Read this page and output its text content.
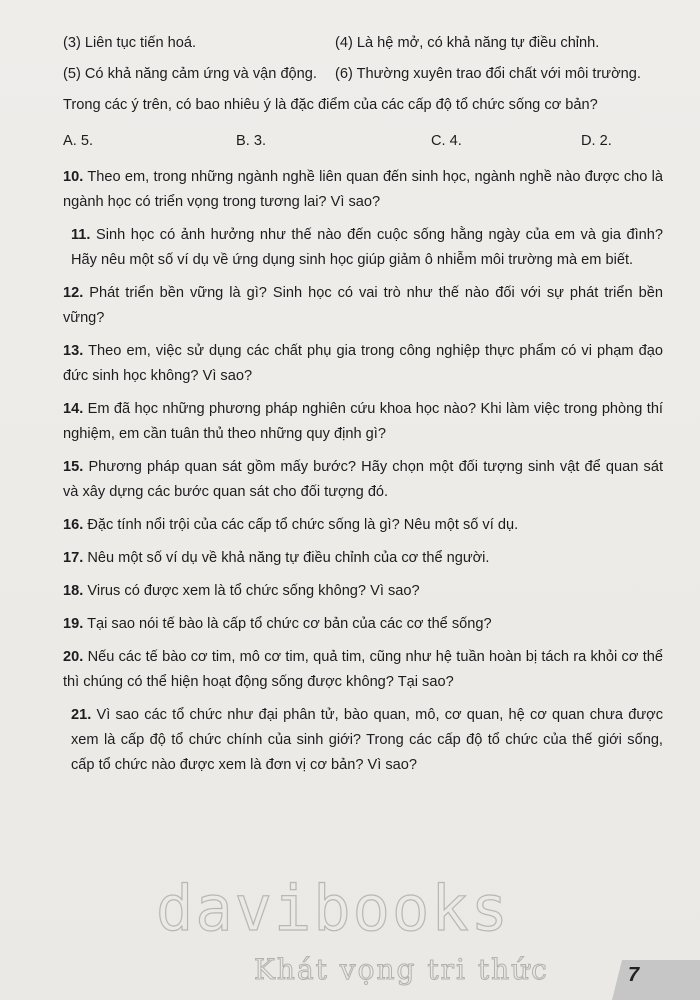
(3) Liên tục tiến hoá.	(4) Là hệ mở, có khả năng tự điều chỉnh.
(5) Có khả năng cảm ứng và vận động.	(6) Thường xuyên trao đổi chất với môi trường.
Trong các ý trên, có bao nhiêu ý là đặc điểm của các cấp độ tổ chức sống cơ bản?
A. 5.	B. 3.	C. 4.	D. 2.
10. Theo em, trong những ngành nghề liên quan đến sinh học, ngành nghề nào được cho là ngành học có triển vọng trong tương lai? Vì sao?
11. Sinh học có ảnh hưởng như thế nào đến cuộc sống hằng ngày của em và gia đình? Hãy nêu một số ví dụ về ứng dụng sinh học giúp giảm ô nhiễm môi trường mà em biết.
12. Phát triển bền vững là gì? Sinh học có vai trò như thế nào đối với sự phát triển bền vững?
13. Theo em, việc sử dụng các chất phụ gia trong công nghiệp thực phẩm có vi phạm đạo đức sinh học không? Vì sao?
14. Em đã học những phương pháp nghiên cứu khoa học nào? Khi làm việc trong phòng thí nghiệm, em cần tuân thủ theo những quy định gì?
15. Phương pháp quan sát gồm mấy bước? Hãy chọn một đối tượng sinh vật để quan sát và xây dựng các bước quan sát cho đối tượng đó.
16. Đặc tính nổi trội của các cấp tổ chức sống là gì? Nêu một số ví dụ.
17. Nêu một số ví dụ về khả năng tự điều chỉnh của cơ thể người.
18. Virus có được xem là tổ chức sống không? Vì sao?
19. Tại sao nói tế bào là cấp tổ chức cơ bản của các cơ thể sống?
20. Nếu các tế bào cơ tim, mô cơ tim, quả tim, cũng như hệ tuần hoàn bị tách ra khỏi cơ thể thì chúng có thể hiện hoạt động sống được không? Tại sao?
21. Vì sao các tổ chức như đại phân tử, bào quan, mô, cơ quan, hệ cơ quan chưa được xem là cấp độ tổ chức chính của sinh giới? Trong các cấp độ tổ chức của thế giới sống, cấp tổ chức nào được xem là đơn vị cơ bản? Vì sao?
davibooks
Khát vọng tri thức	7
